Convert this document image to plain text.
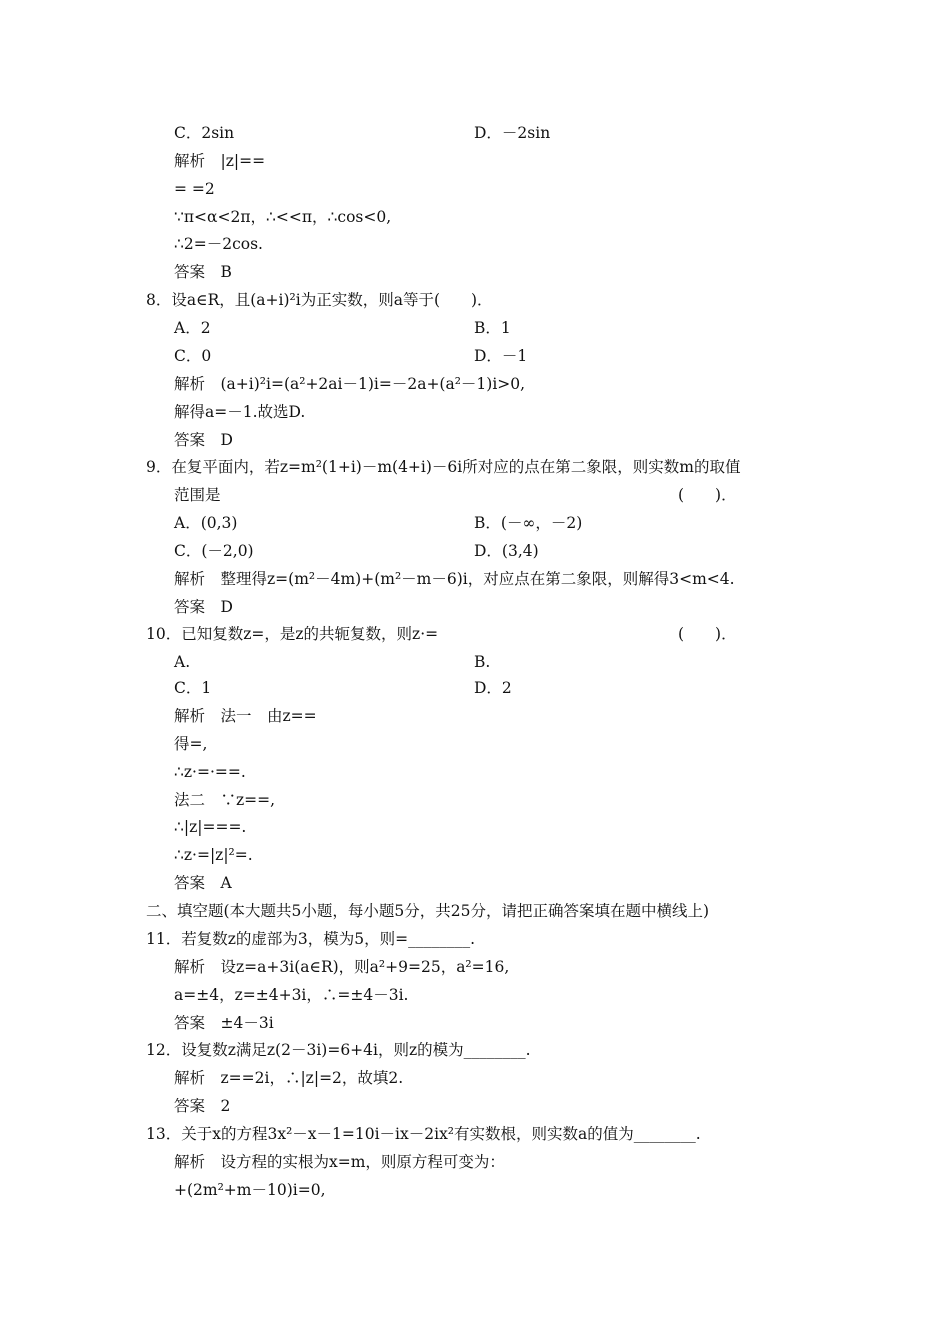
C．2sin	D．－2sin
解析　|z|==
= =2
∵π<α<2π，∴<<π，∴cos<0,
∴2=－2cos.
答案　B
8．设a∈R，且(a+i)²i为正实数，则a等于(　　)．
A．2	B．1
C．0	D．－1
解析　(a+i)²i=(a²+2ai－1)i=－2a+(a²－1)i>0,
解得a=－1.故选D.
答案　D
9．在复平面内，若z=m²(1+i)－m(4+i)－6i所对应的点在第二象限，则实数m的取值
范围是
A．(0,3)	B．(－∞，－2)
C．(－2,0)	D．(3,4)
解析　整理得z=(m²－4m)+(m²－m－6)i，对应点在第二象限，则解得3<m<4.
答案　D
10．已知复数z=，是z的共轭复数，则z·=
A.	B.
C．1	D．2
解析　法一　由z==
得=,
∴z·=·==.
法二　∵z==,
∴|z|===.
∴z·=|z|²=.
答案　A
二、填空题(本大题共5小题，每小题5分，共25分，请把正确答案填在题中横线上)
11．若复数z的虚部为3，模为5，则=________.
解析　设z=a+3i(a∈R)，则a²+9=25，a²=16,
a=±4，z=±4+3i，∴=±4－3i.
答案　±4－3i
12．设复数z满足z(2－3i)=6+4i，则z的模为________.
解析　z==2i，∴|z|=2，故填2.
答案　2
13．关于x的方程3x²－x－1=10i－ix－2ix²有实数根，则实数a的值为________.
解析　设方程的实根为x=m，则原方程可变为：
+(2m²+m－10)i=0,
(　　)．
(　　)．
